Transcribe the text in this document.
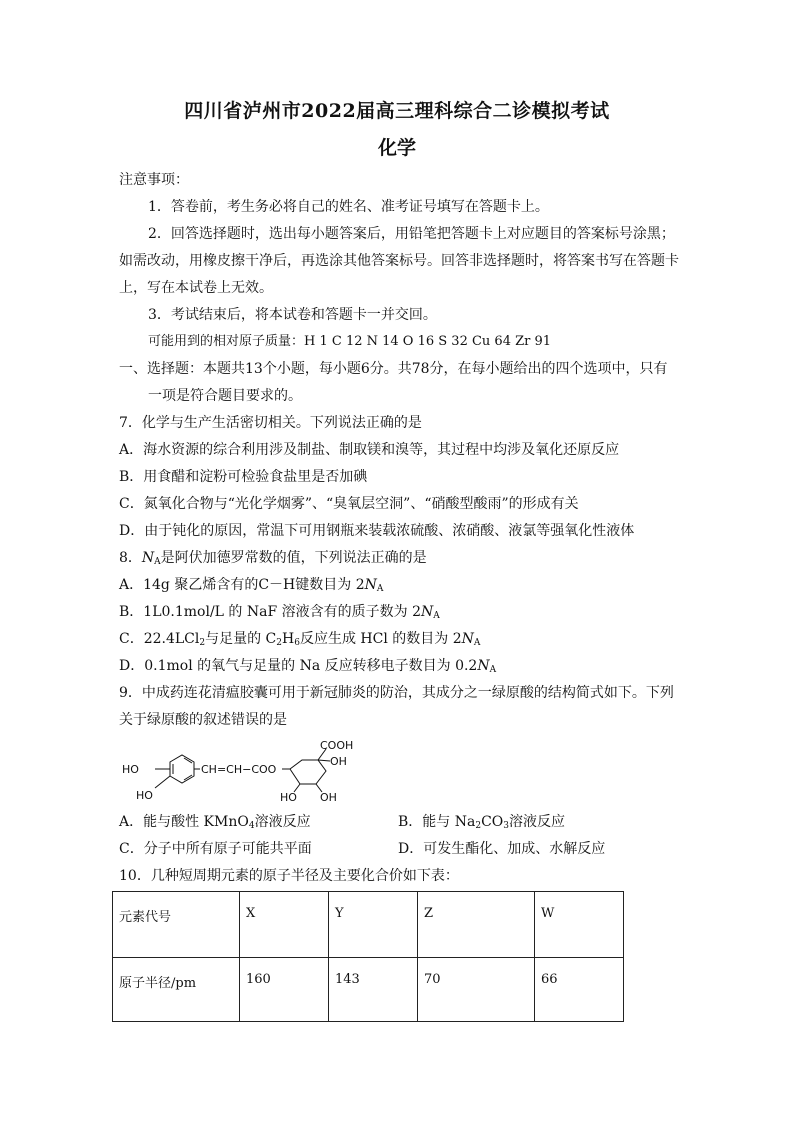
四川省泸州市2022届高三理科综合二诊模拟考试
化学
注意事项：
1．答卷前，考生务必将自己的姓名、准考证号填写在答题卡上。
2．回答选择题时，选出每小题答案后，用铅笔把答题卡上对应题目的答案标号涂黑；
如需改动，用橡皮擦干净后，再选涂其他答案标号。回答非选择题时，将答案书写在答题卡
上，写在本试卷上无效。
3．考试结束后，将本试卷和答题卡一并交回。
可能用到的相对原子质量：H 1 C 12 N 14 O 16 S 32 Cu 64 Zr 91
一、选择题：本题共13个小题，每小题6分。共78分，在每小题给出的四个选项中，只有
一项是符合题目要求的。
7．化学与生产生活密切相关。下列说法正确的是
A．海水资源的综合利用涉及制盐、制取镁和溴等，其过程中均涉及氧化还原反应
B．用食醋和淀粉可检验食盐里是否加碘
C．氮氧化合物与“光化学烟雾”、“臭氧层空洞”、“硝酸型酸雨”的形成有关
D．由于钝化的原因，常温下可用钢瓶来装载浓硫酸、浓硝酸、液氯等强氧化性液体
8．$N_A$是阿伏加德罗常数的值，下列说法正确的是
A．14g 聚乙烯含有的C－H键数目为 $2N_A$
B．1L0.1mol/L 的 NaF 溶液含有的质子数为 $2N_A$
C．22.4LCl$_2$与足量的 $C_2H_6$反应生成 HCl 的数目为 $2N_A$
D．0.1mol 的氧气与足量的 Na 反应转移电子数目为 $0.2N_A$
9．中成药连花清瘟胶囊可用于新冠肺炎的防治，其成分之一绿原酸的结构简式如下。下列
关于绿原酸的叙述错误的是
HO
HO
CH=CH−COO
COOH
OH
HO OH
A．能与酸性 KMnO$_4$溶液反应	B．能与 $Na_2CO_3$溶液反应
C．分子中所有原子可能共平面	D．可发生酯化、加成、水解反应
10．几种短周期元素的原子半径及主要化合价如下表：
元素代号	X	Y	Z	W
原子半径/pm	160	143	70	66
